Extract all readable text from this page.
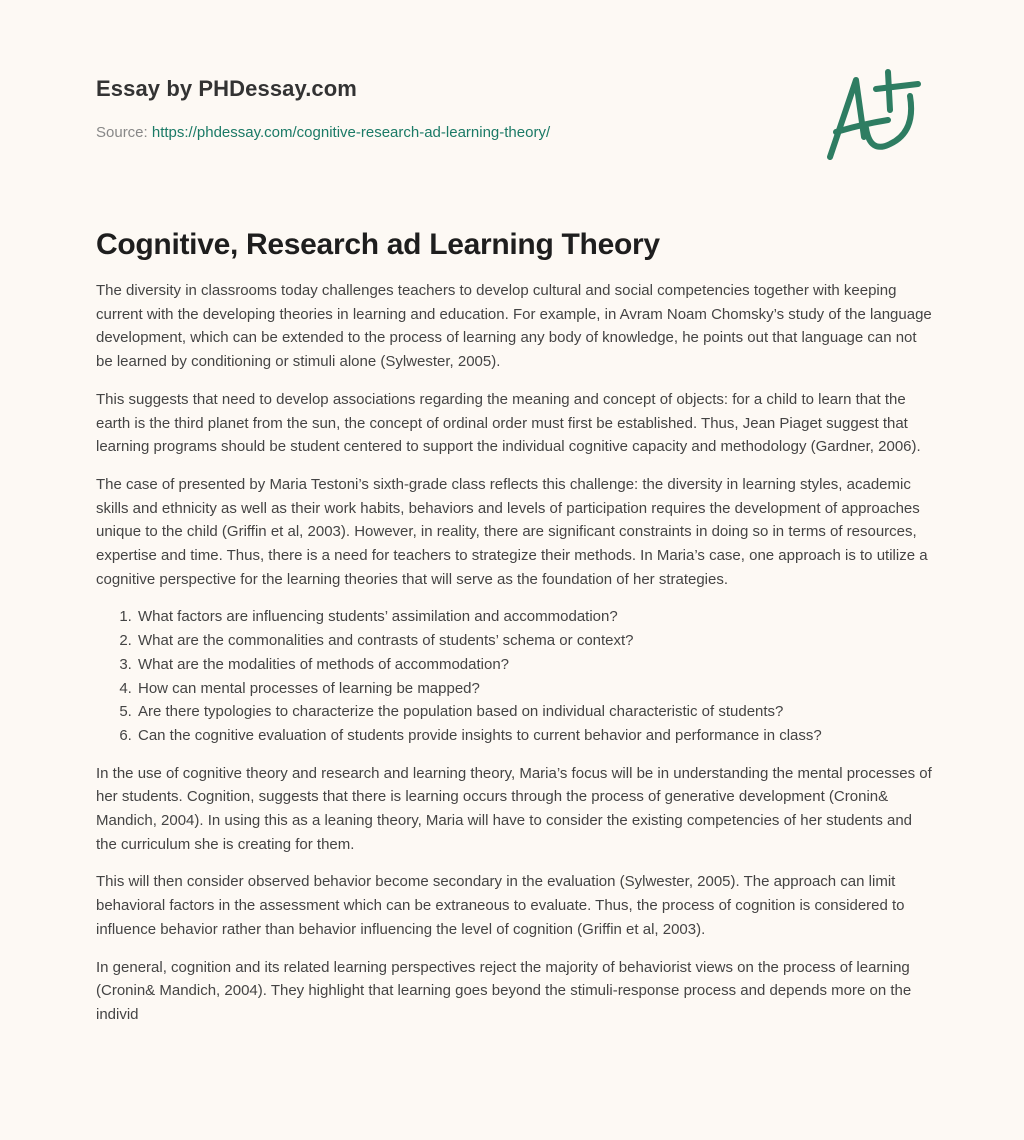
Essay by PHDessay.com
Source: https://phdessay.com/cognitive-research-ad-learning-theory/
Cognitive, Research ad Learning Theory

The diversity in classrooms today challenges teachers to develop cultural and social competencies together with keeping current with the developing theories in learning and education. For example, in Avram Noam Chomsky’s study of the language development, which can be extended to the process of learning any body of knowledge, he points out that language can not be learned by conditioning or stimuli alone (Sylwester, 2005).

This suggests that need to develop associations regarding the meaning and concept of objects: for a child to learn that the earth is the third planet from the sun, the concept of ordinal order must first be established. Thus, Jean Piaget suggest that learning programs should be student centered to support the individual cognitive capacity and methodology (Gardner, 2006).

The case of presented by Maria Testoni’s sixth-grade class reflects this challenge: the diversity in learning styles, academic skills and ethnicity as well as their work habits, behaviors and levels of participation requires the development of approaches unique to the child (Griffin et al, 2003). However, in reality, there are significant constraints in doing so in terms of resources, expertise and time. Thus, there is a need for teachers to strategize their methods. In Maria’s case, one approach is to utilize a cognitive perspective for the learning theories that will serve as the foundation of her strategies.

1. What factors are influencing students’ assimilation and accommodation?
2. What are the commonalities and contrasts of students’ schema or context?
3. What are the modalities of methods of accommodation?
4. How can mental processes of learning be mapped?
5. Are there typologies to characterize the population based on individual characteristic of students?
6. Can the cognitive evaluation of students provide insights to current behavior and performance in class?

In the use of cognitive theory and research and learning theory, Maria’s focus will be in understanding the mental processes of her students. Cognition, suggests that there is learning occurs through the process of generative development (Cronin& Mandich, 2004). In using this as a leaning theory, Maria will have to consider the existing competencies of her students and the curriculum she is creating for them.

This will then consider observed behavior become secondary in the evaluation (Sylwester, 2005). The approach can limit behavioral factors in the assessment which can be extraneous to evaluate. Thus, the process of cognition is considered to influence behavior rather than behavior influencing the level of cognition (Griffin et al, 2003).

In general, cognition and its related learning perspectives reject the majority of behaviorist views on the process of learning (Cronin& Mandich, 2004). They highlight that learning goes beyond the stimuli-response process and depends more on the individ
